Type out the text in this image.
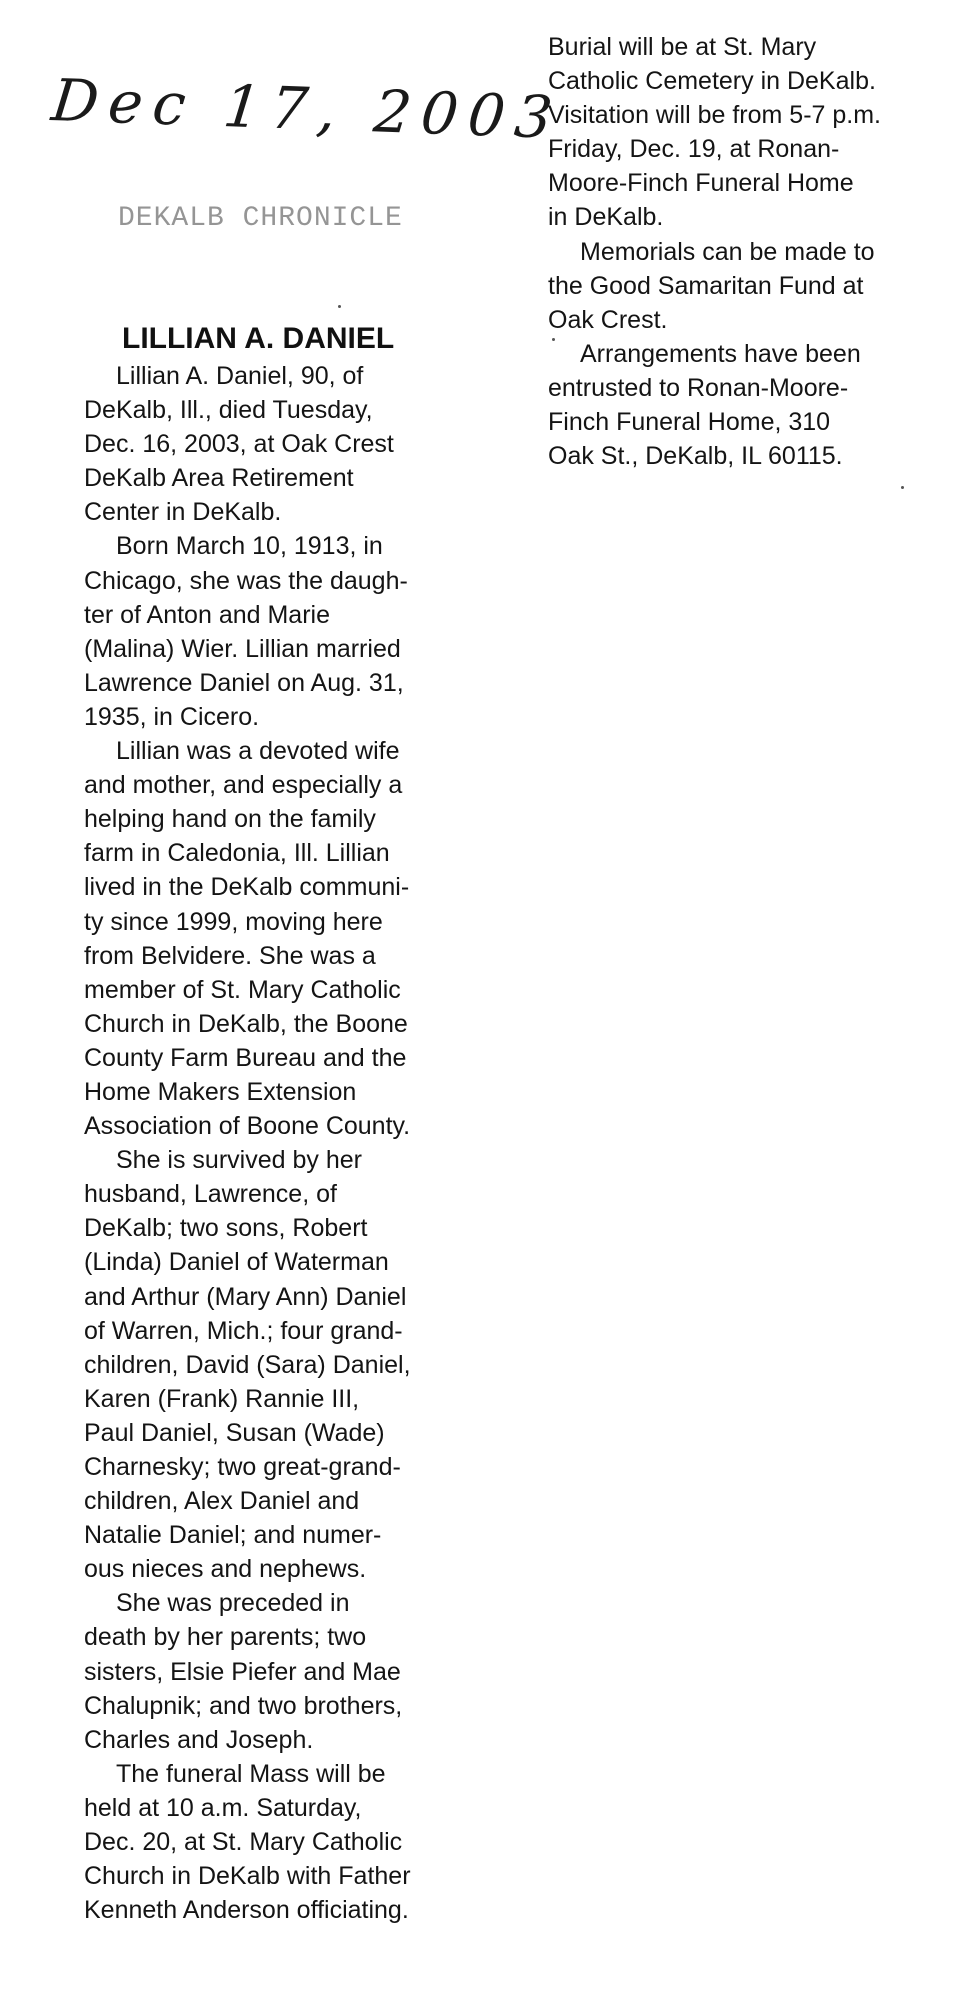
Dec 17, 2003
DEKALB CHRONICLE
LILLIAN A. DANIEL
Lillian A. Daniel, 90, of
DeKalb, Ill., died Tuesday,
Dec. 16, 2003, at Oak Crest
DeKalb Area Retirement
Center in DeKalb.
Born March 10, 1913, in
Chicago, she was the daugh-
ter of Anton and Marie
(Malina) Wier. Lillian married
Lawrence Daniel on Aug. 31,
1935, in Cicero.
Lillian was a devoted wife
and mother, and especially a
helping hand on the family
farm in Caledonia, Ill. Lillian
lived in the DeKalb communi-
ty since 1999, moving here
from Belvidere. She was a
member of St. Mary Catholic
Church in DeKalb, the Boone
County Farm Bureau and the
Home Makers Extension
Association of Boone County.
She is survived by her
husband, Lawrence, of
DeKalb; two sons, Robert
(Linda) Daniel of Waterman
and Arthur (Mary Ann) Daniel
of Warren, Mich.; four grand-
children, David (Sara) Daniel,
Karen (Frank) Rannie III,
Paul Daniel, Susan (Wade)
Charnesky; two great-grand-
children, Alex Daniel and
Natalie Daniel; and numer-
ous nieces and nephews.
She was preceded in
death by her parents; two
sisters, Elsie Piefer and Mae
Chalupnik; and two brothers,
Charles and Joseph.
The funeral Mass will be
held at 10 a.m. Saturday,
Dec. 20, at St. Mary Catholic
Church in DeKalb with Father
Kenneth Anderson officiating.
Burial will be at St. Mary
Catholic Cemetery in DeKalb.
Visitation will be from 5-7 p.m.
Friday, Dec. 19, at Ronan-
Moore-Finch Funeral Home
in DeKalb.
Memorials can be made to
the Good Samaritan Fund at
Oak Crest.
Arrangements have been
entrusted to Ronan-Moore-
Finch Funeral Home, 310
Oak St., DeKalb, IL 60115.
